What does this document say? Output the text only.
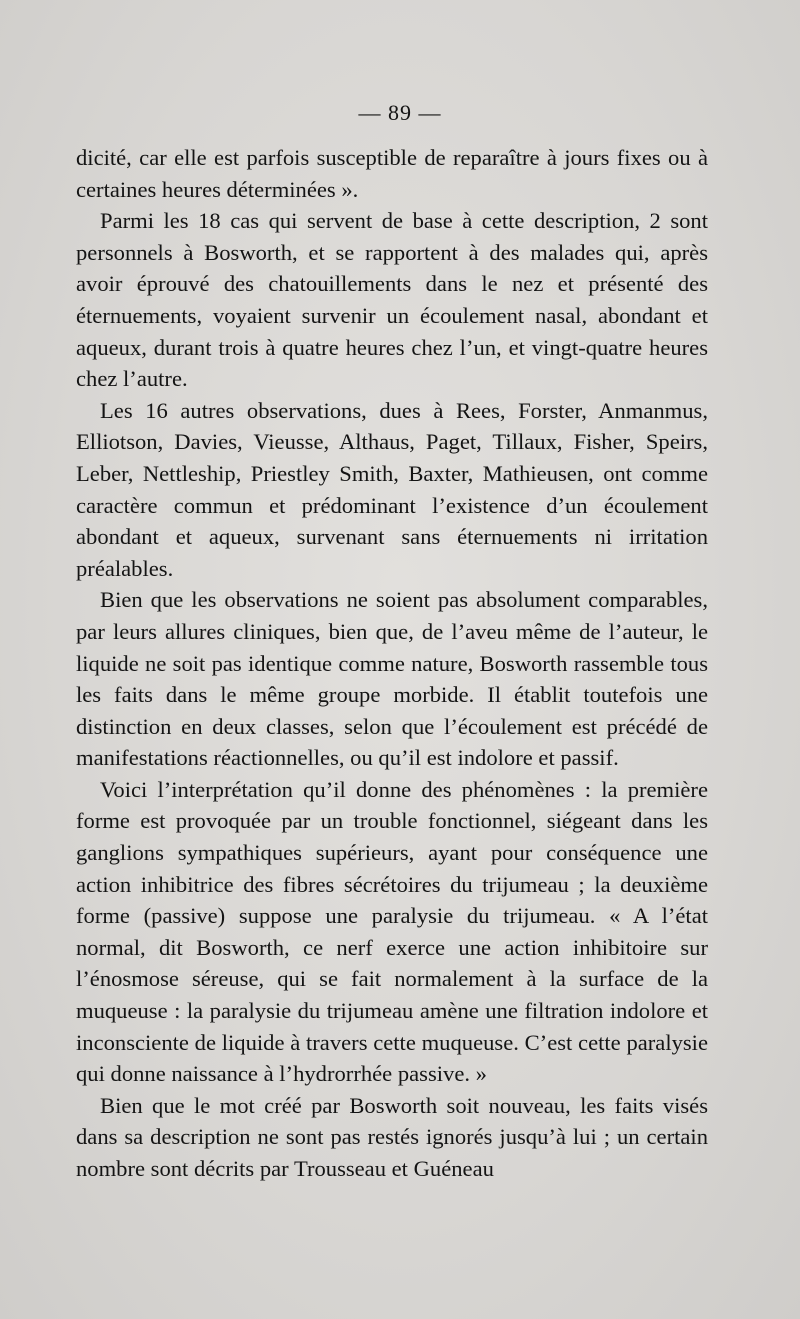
— 89 —

dicité, car elle est parfois susceptible de reparaître à jours fixes ou à certaines heures déterminées ».

Parmi les 18 cas qui servent de base à cette description, 2 sont personnels à Bosworth, et se rapportent à des malades qui, après avoir éprouvé des chatouillements dans le nez et présenté des éternuements, voyaient survenir un écoulement nasal, abondant et aqueux, durant trois à quatre heures chez l’un, et vingt-quatre heures chez l’autre.

Les 16 autres observations, dues à Rees, Forster, Anmanmus, Elliotson, Davies, Vieusse, Althaus, Paget, Tillaux, Fisher, Speirs, Leber, Nettleship, Priestley Smith, Baxter, Mathieusen, ont comme caractère commun et prédominant l’existence d’un écoulement abondant et aqueux, survenant sans éternuements ni irritation préalables.

Bien que les observations ne soient pas absolument comparables, par leurs allures cliniques, bien que, de l’aveu même de l’auteur, le liquide ne soit pas identique comme nature, Bosworth rassemble tous les faits dans le même groupe morbide. Il établit toutefois une distinction en deux classes, selon que l’écoulement est précédé de manifestations réactionnelles, ou qu’il est indolore et passif.

Voici l’interprétation qu’il donne des phénomènes : la première forme est provoquée par un trouble fonctionnel, siégeant dans les ganglions sympathiques supérieurs, ayant pour conséquence une action inhibitrice des fibres sécrétoires du trijumeau ; la deuxième forme (passive) suppose une paralysie du trijumeau. « A l’état normal, dit Bosworth, ce nerf exerce une action inhibitoire sur l’énosmose séreuse, qui se fait normalement à la surface de la muqueuse : la paralysie du trijumeau amène une filtration indolore et inconsciente de liquide à travers cette muqueuse. C’est cette paralysie qui donne naissance à l’hydrorrhée passive. »

Bien que le mot créé par Bosworth soit nouveau, les faits visés dans sa description ne sont pas restés ignorés jusqu’à lui ; un certain nombre sont décrits par Trousseau et Guéneau
